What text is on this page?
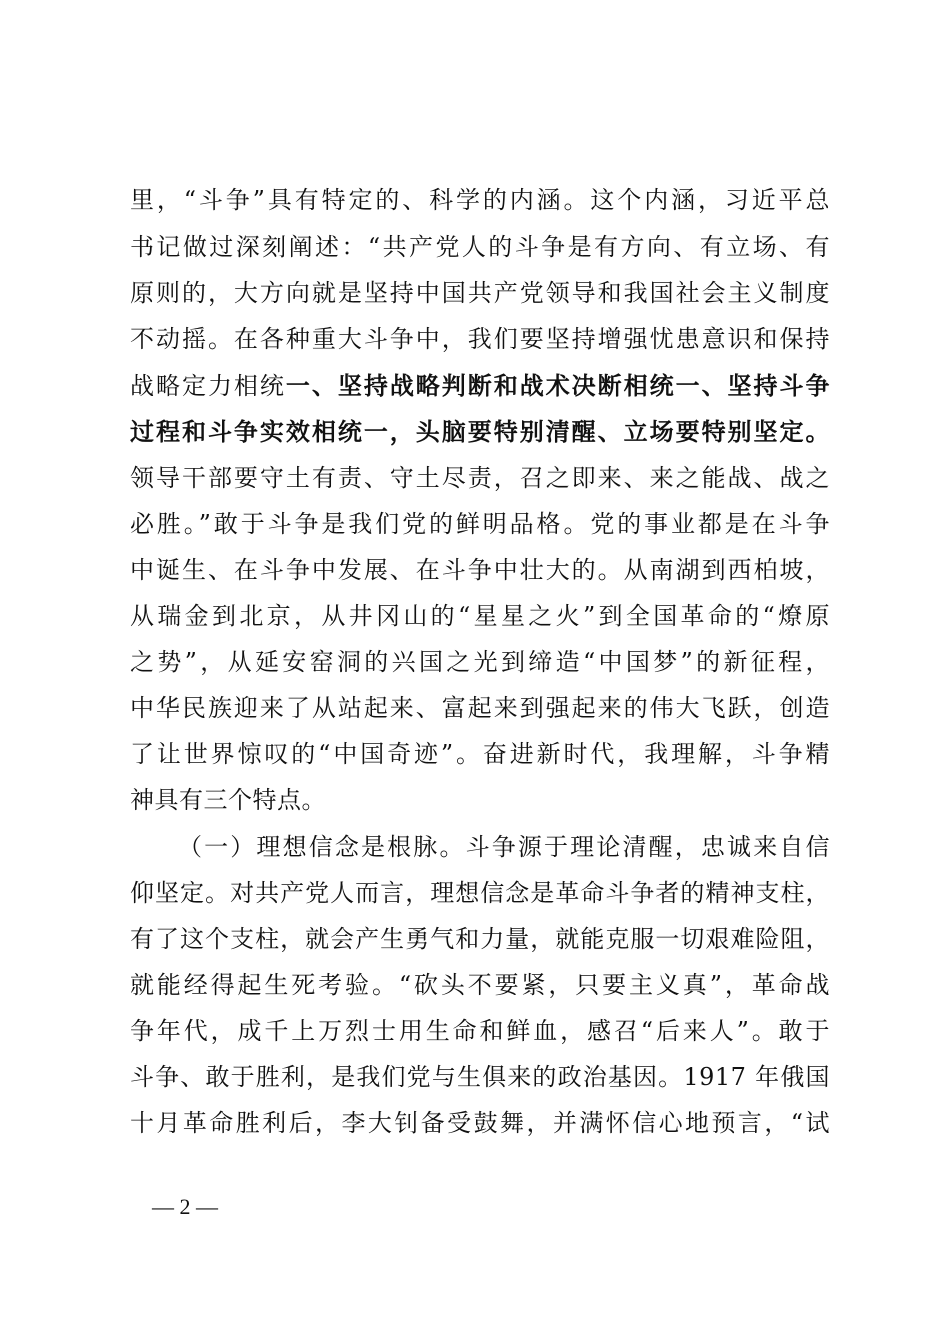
里，“斗争”具有特定的、科学的内涵。这个内涵，习近平总
书记做过深刻阐述：“共产党人的斗争是有方向、有立场、有
原则的，大方向就是坚持中国共产党领导和我国社会主义制度
不动摇。在各种重大斗争中，我们要坚持增强忧患意识和保持
战略定力相统一、坚持战略判断和战术决断相统一、坚持斗争
过程和斗争实效相统一，头脑要特别清醒、立场要特别坚定。
领导干部要守土有责、守土尽责，召之即来、来之能战、战之
必胜。”敢于斗争是我们党的鲜明品格。党的事业都是在斗争
中诞生、在斗争中发展、在斗争中壮大的。从南湖到西柏坡，
从瑞金到北京，从井冈山的“星星之火”到全国革命的“燎原
之势”，从延安窑洞的兴国之光到缔造“中国梦”的新征程，
中华民族迎来了从站起来、富起来到强起来的伟大飞跃，创造
了让世界惊叹的“中国奇迹”。奋进新时代，我理解，斗争精
神具有三个特点。
（一）理想信念是根脉。斗争源于理论清醒，忠诚来自信
仰坚定。对共产党人而言，理想信念是革命斗争者的精神支柱，
有了这个支柱，就会产生勇气和力量，就能克服一切艰难险阻，
就能经得起生死考验。“砍头不要紧，只要主义真”，革命战
争年代，成千上万烈士用生命和鲜血，感召“后来人”。敢于
斗争、敢于胜利，是我们党与生俱来的政治基因。1917 年俄国
十月革命胜利后，李大钊备受鼓舞，并满怀信心地预言，“试
— 2 —
